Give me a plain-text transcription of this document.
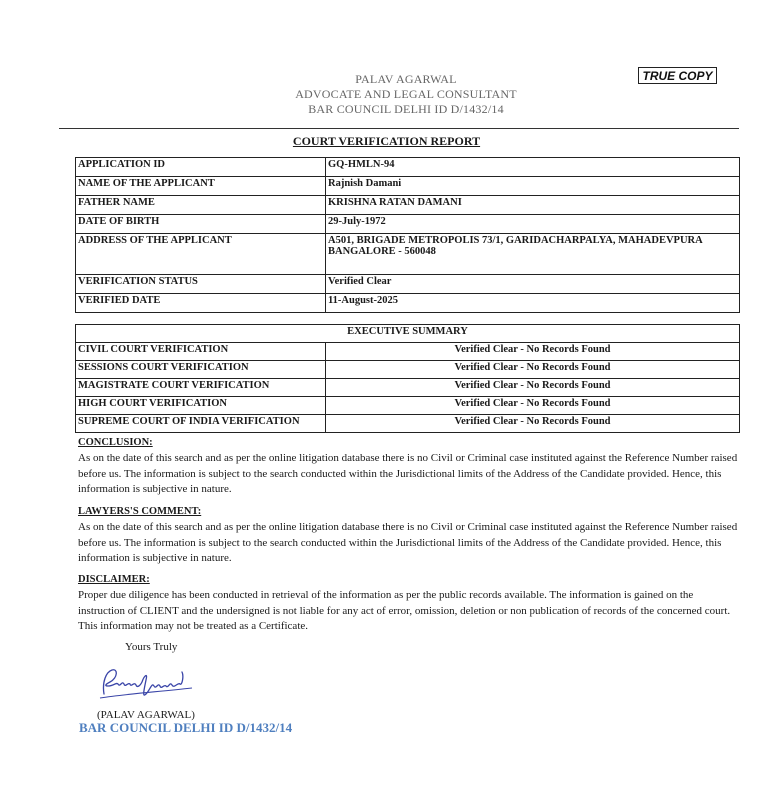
PALAV AGARWAL
ADVOCATE AND LEGAL CONSULTANT
BAR COUNCIL DELHI ID D/1432/14
TRUE COPY
COURT VERIFICATION REPORT
APPLICATION ID	GQ-HMLN-94
NAME OF THE APPLICANT	Rajnish Damani
FATHER NAME	KRISHNA RATAN DAMANI
DATE OF BIRTH	29-July-1972
ADDRESS OF THE APPLICANT	A501, BRIGADE METROPOLIS 73/1, GARIDACHARPALYA, MAHADEVPURA BANGALORE - 560048
VERIFICATION STATUS	Verified Clear
VERIFIED DATE	11-August-2025
EXECUTIVE SUMMARY	
CIVIL COURT VERIFICATION	Verified Clear - No Records Found
SESSIONS COURT VERIFICATION	Verified Clear - No Records Found
MAGISTRATE COURT VERIFICATION	Verified Clear - No Records Found
HIGH COURT VERIFICATION	Verified Clear - No Records Found
SUPREME COURT OF INDIA VERIFICATION	Verified Clear - No Records Found
CONCLUSION:

As on the date of this search and as per the online litigation database there is no Civil or Criminal case instituted against the Reference Number raised before us. The information is subject to the search conducted within the Jurisdictional limits of the Address of the Candidate provided. Hence, this information is subjective in nature.

LAWYERS'S COMMENT:

As on the date of this search and as per the online litigation database there is no Civil or Criminal case instituted against the Reference Number raised before us. The information is subject to the search conducted within the Jurisdictional limits of the Address of the Candidate provided. Hence, this information is subjective in nature.

DISCLAIMER:

Proper due diligence has been conducted in retrieval of the information as per the public records available. The information is gained on the instruction of CLIENT and the undersigned is not liable for any act of error, omission, deletion or non publication of records of the concerned court. This information may not be treated as a Certificate.

Yours Truly
(PALAV AGARWAL)
BAR COUNCIL DELHI ID D/1432/14
